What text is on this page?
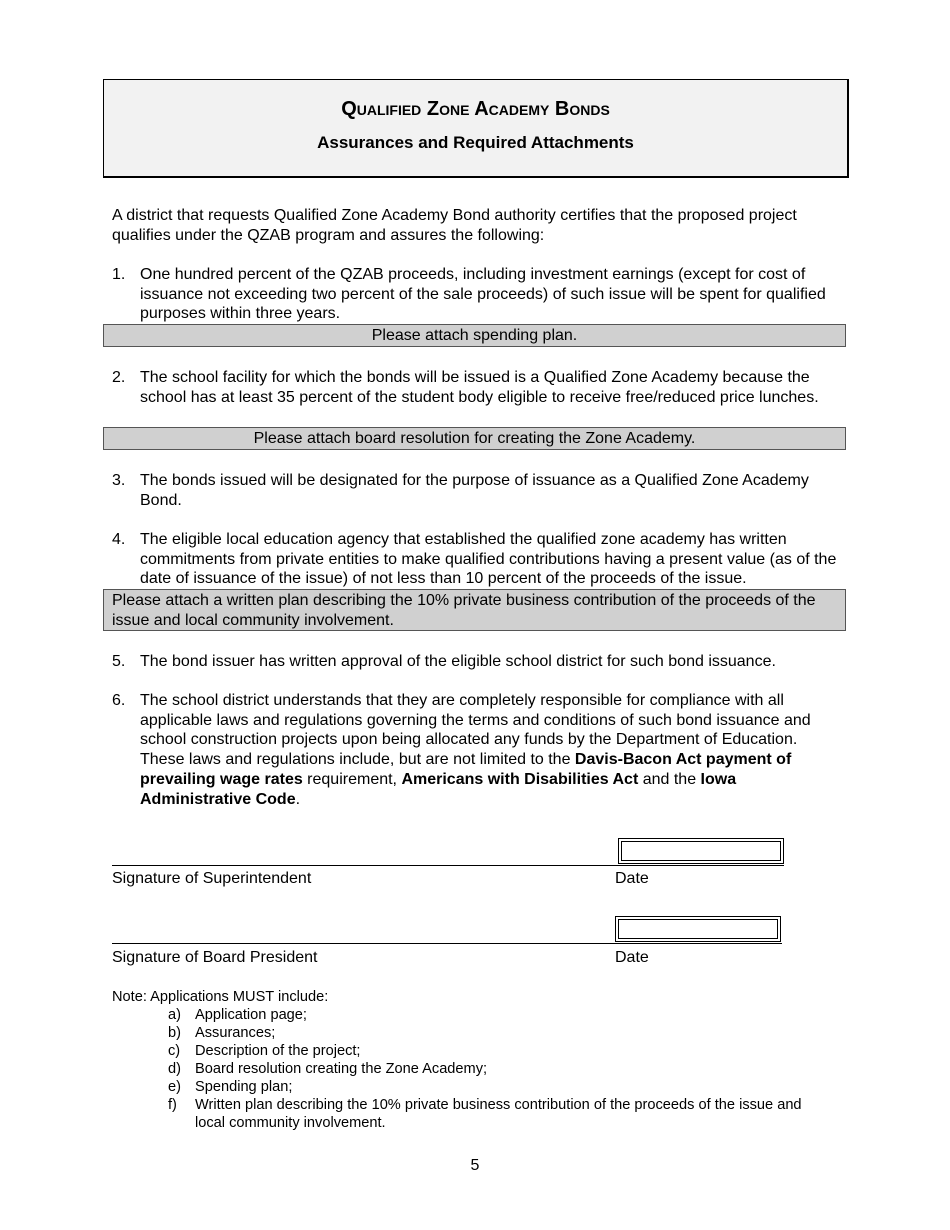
Qualified Zone Academy Bonds
Assurances and Required Attachments
A district that requests Qualified Zone Academy Bond authority certifies that the proposed project qualifies under the QZAB program and assures the following:
1. One hundred percent of the QZAB proceeds, including investment earnings (except for cost of issuance not exceeding two percent of the sale proceeds) of such issue will be spent for qualified purposes within three years.
Please attach spending plan.
2. The school facility for which the bonds will be issued is a Qualified Zone Academy because the school has at least 35 percent of the student body eligible to receive free/reduced price lunches.
Please attach board resolution for creating the Zone Academy.
3. The bonds issued will be designated for the purpose of issuance as a Qualified Zone Academy Bond.
4. The eligible local education agency that established the qualified zone academy has written commitments from private entities to make qualified contributions having a present value (as of the date of issuance of the issue) of not less than 10 percent of the proceeds of the issue.
Please attach a written plan describing the 10% private business contribution of the proceeds of the issue and local community involvement.
5. The bond issuer has written approval of the eligible school district for such bond issuance.
6. The school district understands that they are completely responsible for compliance with all applicable laws and regulations governing the terms and conditions of such bond issuance and school construction projects upon being allocated any funds by the Department of Education. These laws and regulations include, but are not limited to the Davis-Bacon Act payment of prevailing wage rates requirement, Americans with Disabilities Act and the Iowa Administrative Code.
Signature of Superintendent	Date
Signature of Board President	Date
Note: Applications MUST include:
a) Application page;
b) Assurances;
c) Description of the project;
d) Board resolution creating the Zone Academy;
e) Spending plan;
f) Written plan describing the 10% private business contribution of the proceeds of the issue and local community involvement.
5
